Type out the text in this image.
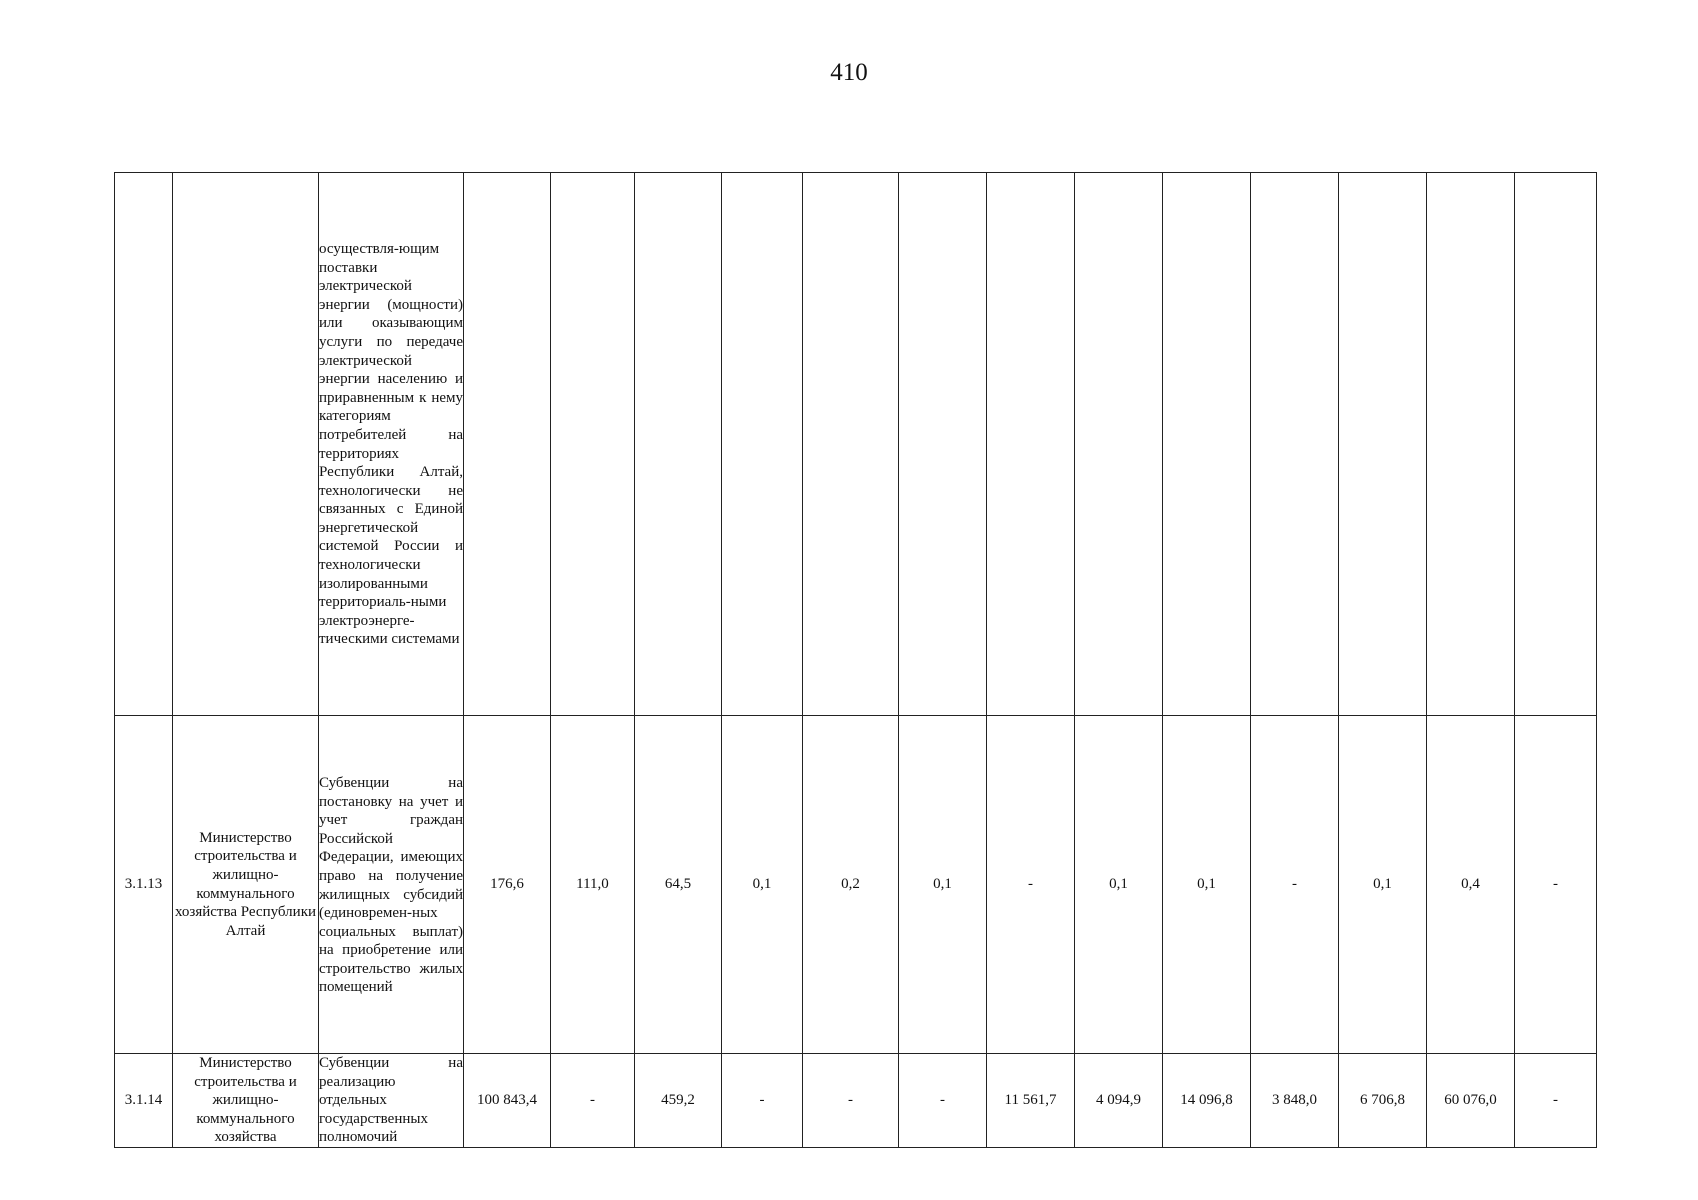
410
		осуществля-ющим поставки электрической энергии (мощности) или оказывающим услуги по передаче электрической энергии населению и приравненным к нему категориям потребителей на территориях Республики Алтай, технологически не связанных с Единой энергетической системой России и технологически изолированными территориаль-ными электроэнерге-тическими системами													
3.1.13	Министерство строительства и жилищно-коммунального хозяйства Республики Алтай	Субвенции на постановку на учет и учет граждан Российской Федерации, имеющих право на получение жилищных субсидий (единовремен-ных социальных выплат) на приобретение или строительство жилых помещений	176,6	111,0	64,5	0,1	0,2	0,1	-	0,1	0,1	-	0,1	0,4	-
3.1.14	Министерство строительства и жилищно-коммунального хозяйства	Субвенции на реализацию отдельных государственных полномочий	100 843,4	-	459,2	-	-	-	11 561,7	4 094,9	14 096,8	3 848,0	6 706,8	60 076,0	-
